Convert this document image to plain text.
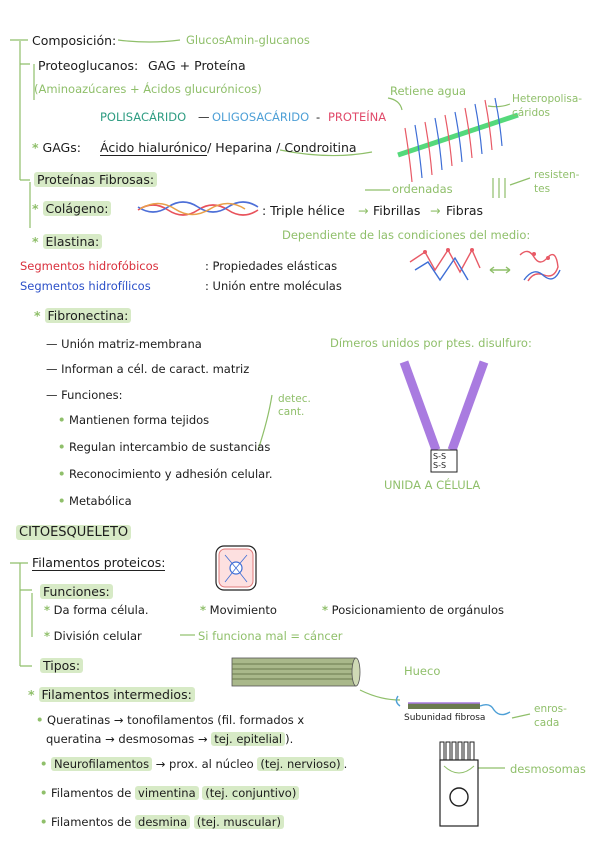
Composición:	GlucosAmin-glucanos
Proteoglucanos: GAG + Proteína
(Aminoazúcares + Ácidos glucurónicos)
POLISACÁRIDO — OLIGOSACÁRIDO - PROTEÍNA
Retiene agua
Heteropolisa-
cáridos
* GAGs: Ácido hialurónico/ Heparina / Condroitina
Proteínas Fibrosas:
* Colágeno:	: Triple hélice → Fibrillas → Fibras
ordenadas
resisten-
tes
* Elastina:	Dependiente de las condiciones del medio:
Segmentos hidrofóbicos	: Propiedades elásticas
Segmentos hidrofílicos	: Unión entre moléculas
* Fibronectina:
Dímeros unidos por ptes. disulfuro:
— Unión matriz-membrana
— Informan a cél. de caract. matriz
— Funciones:
• Mantienen forma tejidos
• Regulan intercambio de sustancias
• Reconocimiento y adhesión celular.
• Metabólica
detec.
cant.
S-S
S-S
UNIDA A CÉLULA
CITOESQUELETO
Filamentos proteicos:
Funciones:
* Da forma célula.	* Movimiento	* Posicionamiento de orgánulos
* División celular	Si funciona mal = cáncer
Tipos:	Hueco
* Filamentos intermedios:
Subunidad fibrosa
enros-
cada
• Queratinas → tonofilamentos (fil. formados x
queratina → desmosomas → tej. epitelial ).
• Neurofilamentos → prox. al núcleo (tej. nervioso) .	desmosomas
• Filamentos de vimentina (tej. conjuntivo)
• Filamentos de desmina (tej. muscular)
